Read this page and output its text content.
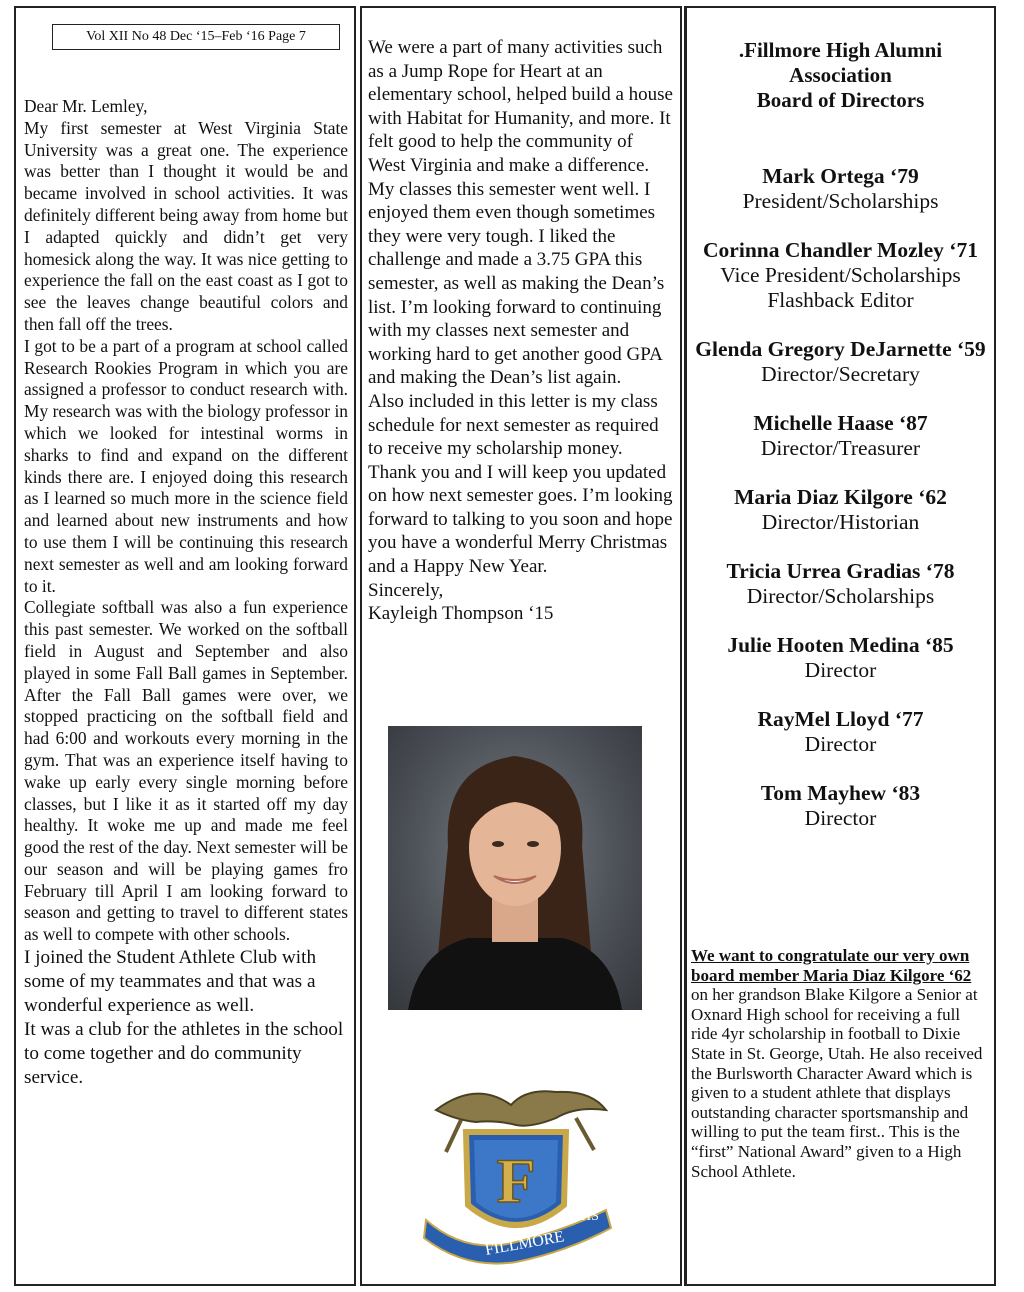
Vol XII No 48 Dec ‘15–Feb ‘16 Page 7

Dear Mr. Lemley,

My first semester at West Virginia State University was a great one. The experience was better than I thought it would be and became involved in school activities. It was definitely different being away from home but I adapted quickly and didn’t get very homesick along the way. It was nice getting to experience the fall on the east coast as I got to see the leaves change beautiful colors and then fall off the trees.

I got to be a part of a program at school called Research Rookies Program in which you are assigned a professor to conduct research with. My research was with the biology professor in which we looked for intestinal worms in sharks to find and expand on the different kinds there are. I enjoyed doing this research as I learned so much more in the science field and learned about new instruments and how to use them I will be continuing this research next semester as well and am looking forward to it.

Collegiate softball was also a fun experience this past semester. We worked on the softball field in August and September and also played in some Fall Ball games in September. After the Fall Ball games were over, we stopped practicing on the softball field and had 6:00 and workouts every morning in the gym. That was an experience itself having to wake up early every single morning before classes, but I like it as it started off my day healthy. It woke me up and made me feel good the rest of the day. Next semester will be our season and will be playing games fro February till April I am looking forward to season and getting to travel to different states as well to compete with other schools.

I joined the Student Athlete Club with some of my teammates and that was a wonderful experience as well.

It was a club for the athletes in the school to come together and do community service.

We were a part of many activities such as a Jump Rope for Heart at an elementary school, helped build a house with Habitat for Humanity, and more. It felt good to help the community of West Virginia and make a difference.

My classes this semester went well. I enjoyed them even though sometimes they were very tough. I liked the challenge and made a 3.75 GPA this semester, as well as making the Dean’s list. I’m looking forward to continuing with my classes next semester and working hard to get another good GPA and making the Dean’s list again.

Also included in this letter is my class schedule for next semester as required to receive my scholarship money. Thank you and I will keep you updated on how next semester goes. I’m looking forward to talking to you soon and hope you have a wonderful Merry Christmas and a Happy New Year.

Sincerely,

Kayleigh Thompson ‘15

F
FILLMORE
HS
.Fillmore High Alumni
Association
Board of Directors
Mark Ortega ‘79
President/Scholarships
Corinna Chandler Mozley ‘71
Vice President/Scholarships
Flashback Editor
Glenda Gregory DeJarnette ‘59
Director/Secretary
Michelle Haase ‘87
Director/Treasurer
Maria Diaz Kilgore ‘62
Director/Historian
Tricia Urrea Gradias ‘78
Director/Scholarships
Julie Hooten Medina ‘85
Director
RayMel Lloyd ‘77
Director
Tom Mayhew ‘83
Director
We want to congratulate our very own board member Maria Diaz Kilgore ‘62 on her grandson Blake Kilgore a Senior at Oxnard High school for receiving a full ride 4yr scholarship in football to Dixie State in St. George, Utah. He also received the Burlsworth Character Award which is given to a student athlete that displays outstanding character sportsmanship and willing to put the team first.. This is the “first” National Award” given to a High School Athlete.
